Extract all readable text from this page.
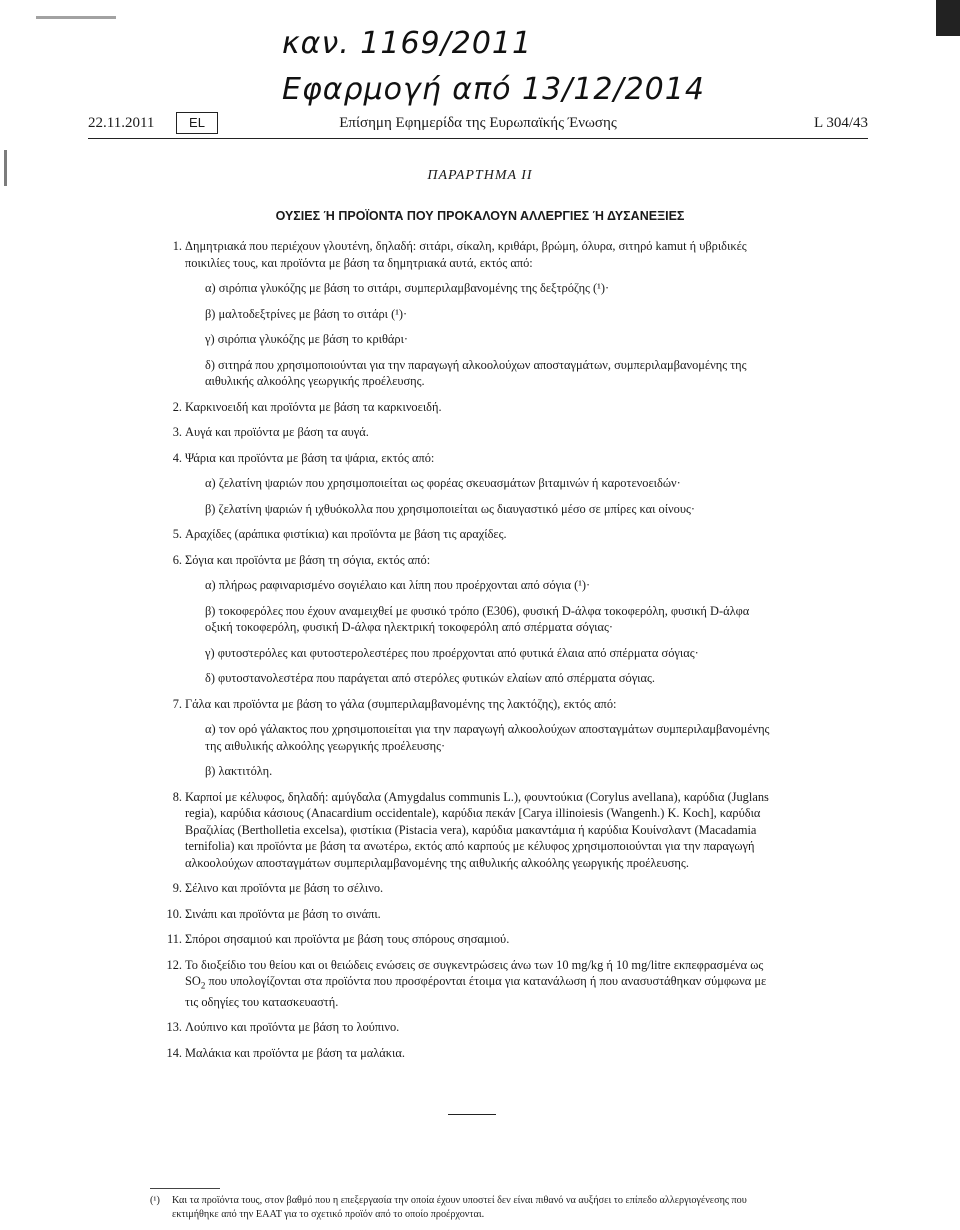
καν. 1169/2011
Εφαρμογή από 13/12/2014
22.11.2011	EL	Επίσημη Εφημερίδα της Ευρωπαϊκής Ένωσης	L 304/43
ΠΑΡΑΡΤΗΜΑ II
ΟΥΣΙΕΣ Ή ΠΡΟΪΟΝΤΑ ΠΟΥ ΠΡΟΚΑΛΟΥΝ ΑΛΛΕΡΓΙΕΣ Ή ΔΥΣΑΝΕΞΙΕΣ
1. Δημητριακά που περιέχουν γλουτένη, δηλαδή: σιτάρι, σίκαλη, κριθάρι, βρώμη, όλυρα, σιτηρό kamut ή υβριδικές ποικιλίες τους, και προϊόντα με βάση τα δημητριακά αυτά, εκτός από:
α) σιρόπια γλυκόζης με βάση το σιτάρι, συμπεριλαμβανομένης της δεξτρόζης (¹)·
β) μαλτοδεξτρίνες με βάση το σιτάρι (¹)·
γ) σιρόπια γλυκόζης με βάση το κριθάρι·
δ) σιτηρά που χρησιμοποιούνται για την παραγωγή αλκοολούχων αποσταγμάτων, συμπεριλαμβανομένης της αιθυλικής αλκοόλης γεωργικής προέλευσης.
2. Καρκινοειδή και προϊόντα με βάση τα καρκινοειδή.
3. Αυγά και προϊόντα με βάση τα αυγά.
4. Ψάρια και προϊόντα με βάση τα ψάρια, εκτός από:
α) ζελατίνη ψαριών που χρησιμοποιείται ως φορέας σκευασμάτων βιταμινών ή καροτενοειδών·
β) ζελατίνη ψαριών ή ιχθυόκολλα που χρησιμοποιείται ως διαυγαστικό μέσο σε μπίρες και οίνους·
5. Αραχίδες (αράπικα φιστίκια) και προϊόντα με βάση τις αραχίδες.
6. Σόγια και προϊόντα με βάση τη σόγια, εκτός από:
α) πλήρως ραφιναρισμένο σογιέλαιο και λίπη που προέρχονται από σόγια (¹)·
β) τοκοφερόλες που έχουν αναμειχθεί με φυσικό τρόπο (E306), φυσική D-άλφα τοκοφερόλη, φυσική D-άλφα οξική τοκοφερόλη, φυσική D-άλφα ηλεκτρική τοκοφερόλη από σπέρματα σόγιας·
γ) φυτοστερόλες και φυτοστερολεστέρες που προέρχονται από φυτικά έλαια από σπέρματα σόγιας·
δ) φυτοστανολεστέρα που παράγεται από στερόλες φυτικών ελαίων από σπέρματα σόγιας.
7. Γάλα και προϊόντα με βάση το γάλα (συμπεριλαμβανομένης της λακτόζης), εκτός από:
α) τον ορό γάλακτος που χρησιμοποιείται για την παραγωγή αλκοολούχων αποσταγμάτων συμπεριλαμβανομένης της αιθυλικής αλκοόλης γεωργικής προέλευσης·
β) λακτιτόλη.
8. Καρποί με κέλυφος, δηλαδή: αμύγδαλα (Amygdalus communis L.), φουντούκια (Corylus avellana), καρύδια (Juglans regia), καρύδια κάσιους (Anacardium occidentale), καρύδια πεκάν [Carya illinoiesis (Wangenh.) K. Koch], καρύδια Βραζιλίας (Bertholletia excelsa), φιστίκια (Pistacia vera), καρύδια μακαντάμια ή καρύδια Κουίνσλαντ (Macadamia ternifolia) και προϊόντα με βάση τα ανωτέρω, εκτός από καρπούς με κέλυφος χρησιμοποιούνται για την παραγωγή αλκοολούχων αποσταγμάτων συμπεριλαμβανομένης της αιθυλικής αλκοόλης γεωργικής προέλευσης.
9. Σέλινο και προϊόντα με βάση το σέλινο.
10. Σινάπι και προϊόντα με βάση το σινάπι.
11. Σπόροι σησαμιού και προϊόντα με βάση τους σπόρους σησαμιού.
12. Το διοξείδιο του θείου και οι θειώδεις ενώσεις σε συγκεντρώσεις άνω των 10 mg/kg ή 10 mg/litre εκπεφρασμένα ως $SO_2$ που υπολογίζονται στα προϊόντα που προσφέρονται έτοιμα για κατανάλωση ή που ανασυστάθηκαν σύμφωνα με τις οδηγίες του κατασκευαστή.
13. Λούπινο και προϊόντα με βάση το λούπινο.
14. Μαλάκια και προϊόντα με βάση τα μαλάκια.
(¹) Και τα προϊόντα τους, στον βαθμό που η επεξεργασία την οποία έχουν υποστεί δεν είναι πιθανό να αυξήσει το επίπεδο αλλεργιογένεσης που εκτιμήθηκε από την ΕΑΑΤ για το σχετικό προϊόν από το οποίο προέρχονται.
